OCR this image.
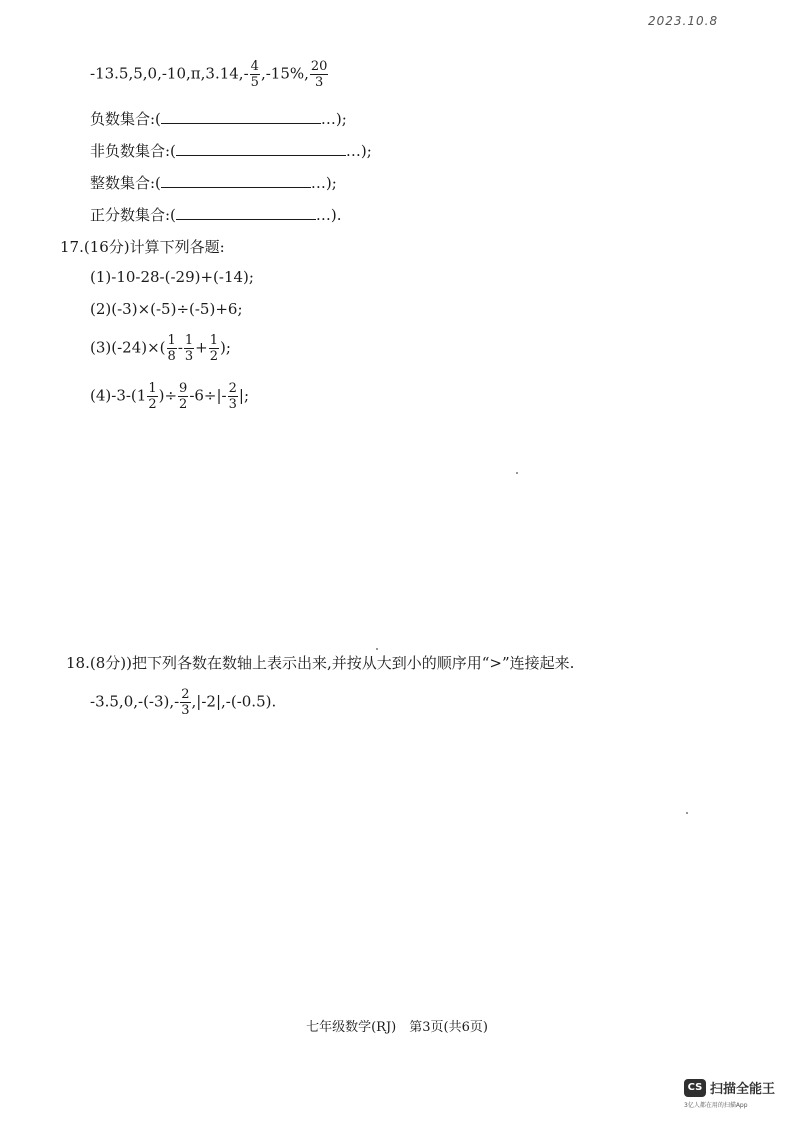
2023.10.8
$-13.5,5,0,-10,\pi,3.14,- \frac{4}{5} ,-15\%$, $\frac{20}{3}$
负数集合:(	…);
非负数集合:(	…);
整数集合:(	…);
正分数集合:(	…).
17.(16分)计算下列各题:
(1)-10-28-(-29)+(-14);
(2)(-3)×(-5)÷(-5)+6;
$(3)(-24)\times( \frac{1}{8} - \frac{1}{3} + \frac{1}{2}$ );
$(4)-3-(1 \frac{1}{2}$ )÷ $\frac{9}{2} -6\div|- \frac{2}{3}$ |;
18.(8分))把下列各数在数轴上表示出来,并按从大到小的顺序用“>”连接起来.
$-3.5,0,-(-3),- \frac{2}{3} ,|-2|,-(-0.5)$.
七年级数学(RJ)　第3页(共6页)
CS 扫描全能王
3亿人都在用的扫描App
